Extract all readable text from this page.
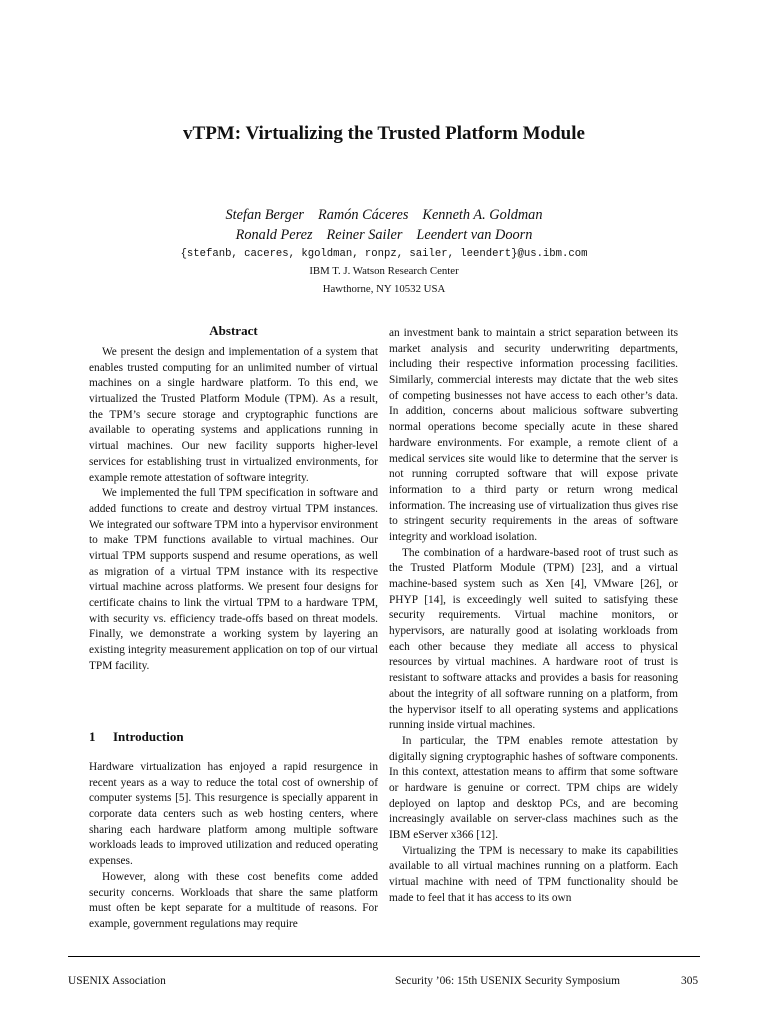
vTPM: Virtualizing the Trusted Platform Module
Stefan Berger Ramón Cáceres Kenneth A. Goldman
Ronald Perez Reiner Sailer Leendert van Doorn
{stefanb, caceres, kgoldman, ronpz, sailer, leendert}@us.ibm.com
IBM T. J. Watson Research Center
Hawthorne, NY 10532 USA
Abstract

We present the design and implementation of a system that enables trusted computing for an unlimited number of virtual machines on a single hardware platform. To this end, we virtualized the Trusted Platform Module (TPM). As a result, the TPM’s secure storage and cryptographic functions are available to operating systems and applications running in virtual machines. Our new facility supports higher-level services for establishing trust in virtualized environments, for example remote attestation of software integrity.

We implemented the full TPM specification in software and added functions to create and destroy virtual TPM instances. We integrated our software TPM into a hypervisor environment to make TPM functions available to virtual machines. Our virtual TPM supports suspend and resume operations, as well as migration of a virtual TPM instance with its respective virtual machine across platforms. We present four designs for certificate chains to link the virtual TPM to a hardware TPM, with security vs. efficiency trade-offs based on threat models. Finally, we demonstrate a working system by layering an existing integrity measurement application on top of our virtual TPM facility.

1 Introduction

Hardware virtualization has enjoyed a rapid resurgence in recent years as a way to reduce the total cost of ownership of computer systems [5]. This resurgence is specially apparent in corporate data centers such as web hosting centers, where sharing each hardware platform among multiple software workloads leads to improved utilization and reduced operating expenses.

However, along with these cost benefits come added security concerns. Workloads that share the same platform must often be kept separate for a multitude of reasons. For example, government regulations may require

an investment bank to maintain a strict separation between its market analysis and security underwriting departments, including their respective information processing facilities. Similarly, commercial interests may dictate that the web sites of competing businesses not have access to each other’s data. In addition, concerns about malicious software subverting normal operations become specially acute in these shared hardware environments. For example, a remote client of a medical services site would like to determine that the server is not running corrupted software that will expose private information to a third party or return wrong medical information. The increasing use of virtualization thus gives rise to stringent security requirements in the areas of software integrity and workload isolation.

The combination of a hardware-based root of trust such as the Trusted Platform Module (TPM) [23], and a virtual machine-based system such as Xen [4], VMware [26], or PHYP [14], is exceedingly well suited to satisfying these security requirements. Virtual machine monitors, or hypervisors, are naturally good at isolating workloads from each other because they mediate all access to physical resources by virtual machines. A hardware root of trust is resistant to software attacks and provides a basis for reasoning about the integrity of all software running on a platform, from the hypervisor itself to all operating systems and applications running inside virtual machines.

In particular, the TPM enables remote attestation by digitally signing cryptographic hashes of software components. In this context, attestation means to affirm that some software or hardware is genuine or correct. TPM chips are widely deployed on laptop and desktop PCs, and are becoming increasingly available on server-class machines such as the IBM eServer x366 [12].

Virtualizing the TPM is necessary to make its capabilities available to all virtual machines running on a platform. Each virtual machine with need of TPM functionality should be made to feel that it has access to its own

USENIX Association	Security ’06: 15th USENIX Security Symposium	305
